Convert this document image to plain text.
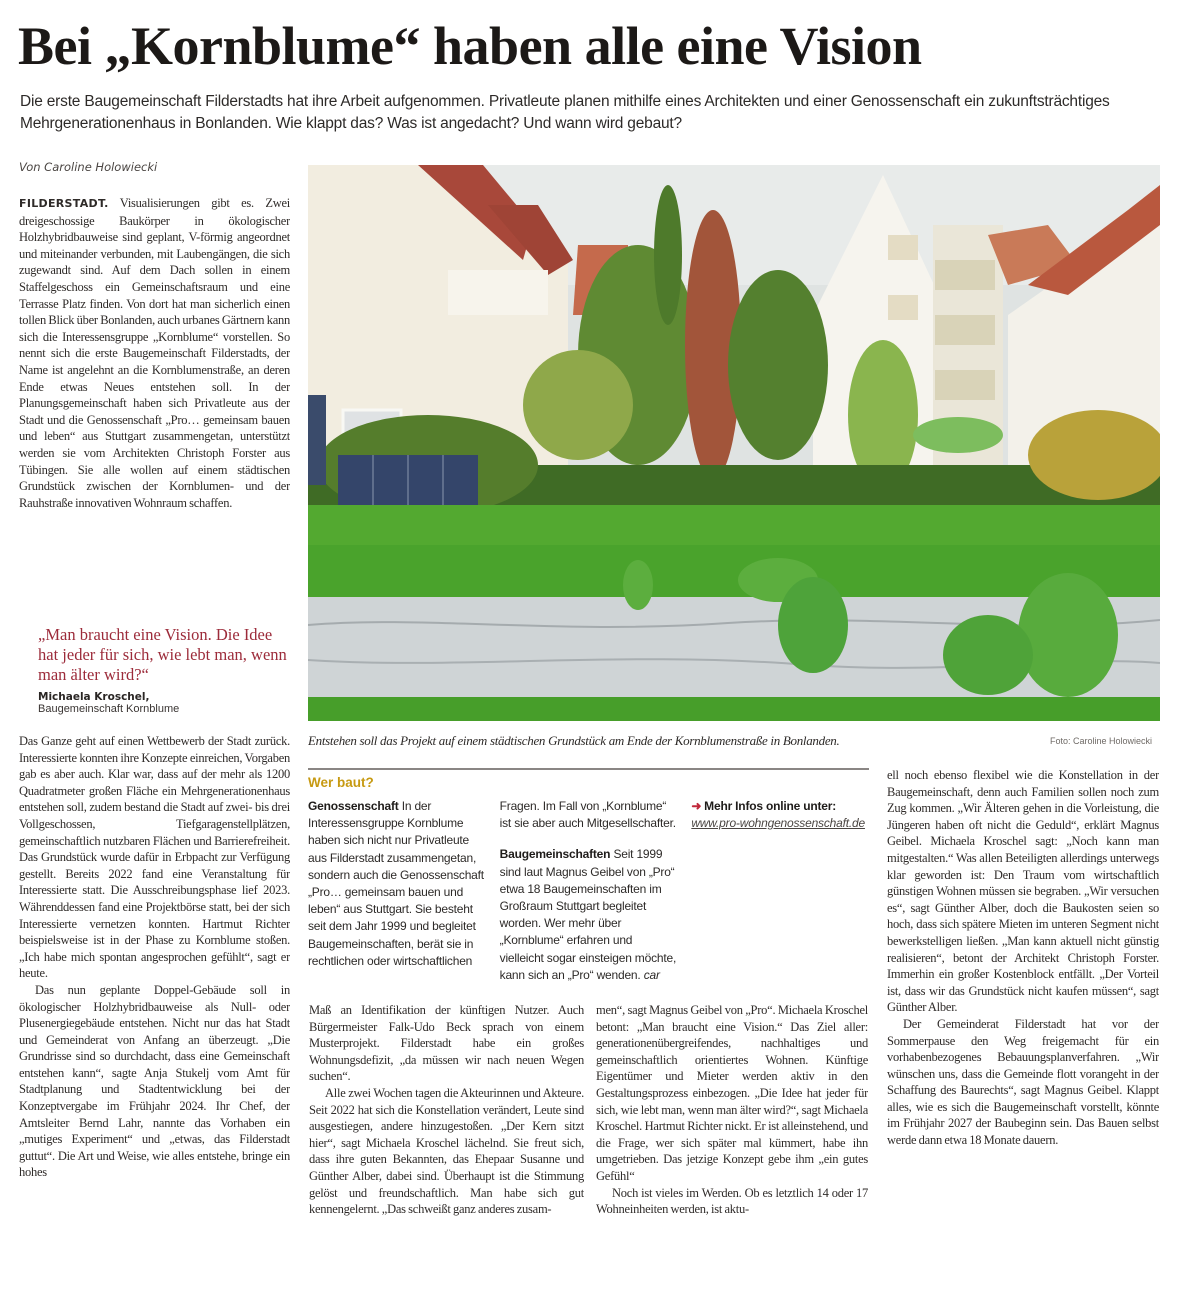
Bei „Kornblume“ haben alle eine Vision

Die erste Baugemeinschaft Filderstadts hat ihre Arbeit aufgenommen. Privatleute planen mithilfe eines Architekten und einer Genossenschaft ein zukunftsträchtiges Mehrgenerationenhaus in Bonlanden. Wie klappt das? Was ist angedacht? Und wann wird gebaut?

Von Caroline Holowiecki

FILDERSTADT. Visualisierungen gibt es. Zwei dreigeschossige Baukörper in ökologischer Holzhybridbauweise sind geplant, V-förmig angeordnet und miteinander verbunden, mit Laubengängen, die sich zugewandt sind. Auf dem Dach sollen in einem Staffelgeschoss ein Gemeinschaftsraum und eine Terrasse Platz finden. Von dort hat man sicherlich einen tollen Blick über Bonlanden, auch urbanes Gärtnern kann sich die Interessensgruppe „Kornblume“ vorstellen. So nennt sich die erste Baugemeinschaft Filderstadts, der Name ist angelehnt an die Kornblumenstraße, an deren Ende etwas Neues entstehen soll. In der Planungsgemeinschaft haben sich Privatleute aus der Stadt und die Genossenschaft „Pro… gemeinsam bauen und leben“ aus Stuttgart zusammengetan, unterstützt werden sie vom Architekten Christoph Forster aus Tübingen. Sie alle wollen auf einem städtischen Grundstück zwischen der Kornblumen- und der Rauhstraße innovativen Wohnraum schaffen.

„Man braucht eine Vision. Die Idee hat jeder für sich, wie lebt man, wenn man älter wird?“
Michaela Kroschel,
Baugemeinschaft Kornblume

Das Ganze geht auf einen Wettbewerb der Stadt zurück. Interessierte konnten ihre Konzepte einreichen, Vorgaben gab es aber auch. Klar war, dass auf der mehr als 1200 Quadratmeter großen Fläche ein Mehrgenerationenhaus entstehen soll, zudem bestand die Stadt auf zwei- bis drei Vollgeschossen, Tiefgaragenstellplätzen, gemeinschaftlich nutzbaren Flächen und Barrierefreiheit. Das Grundstück wurde dafür in Erbpacht zur Verfügung gestellt. Bereits 2022 fand eine Veranstaltung für Interessierte statt. Die Ausschreibungsphase lief 2023. Währenddessen fand eine Projektbörse statt, bei der sich Interessierte vernetzen konnten. Hartmut Richter beispielsweise ist in der Phase zu Kornblume stoßen. „Ich habe mich spontan angesprochen gefühlt“, sagt er heute.

Das nun geplante Doppel-Gebäude soll in ökologischer Holzhybridbauweise als Null- oder Plusenergiegebäude entstehen. Nicht nur das hat Stadt und Gemeinderat von Anfang an überzeugt. „Die Grundrisse sind so durchdacht, dass eine Gemeinschaft entstehen kann“, sagte Anja Stukelj vom Amt für Stadtplanung und Stadtentwicklung bei der Konzeptvergabe im Frühjahr 2024. Ihr Chef, der Amtsleiter Bernd Lahr, nannte das Vorhaben ein „mutiges Experiment“ und „etwas, das Filderstadt guttut“. Die Art und Weise, wie alles entstehe, bringe ein hohes

Entstehen soll das Projekt auf einem städtischen Grundstück am Ende der Kornblumenstraße in Bonlanden.	Foto: Caroline Holowiecki
Wer baut?

Genossenschaft In der Interessensgruppe Kornblume haben sich nicht nur Privatleute aus Filderstadt zusammengetan, sondern auch die Genossenschaft „Pro… gemeinsam bauen und leben“ aus Stuttgart. Sie besteht seit dem Jahr 1999 und begleitet Baugemeinschaften, berät sie in rechtlichen oder wirtschaftlichen Fragen. Im Fall von „Kornblume“ ist sie aber auch Mitgesellschafter.

Baugemeinschaften Seit 1999 sind laut Magnus Geibel von „Pro“ etwa 18 Baugemeinschaften im Großraum Stuttgart begleitet worden. Wer mehr über „Kornblume“ erfahren und vielleicht sogar einsteigen möchte, kann sich an „Pro“ wenden. car

➜ Mehr Infos online unter:
www.pro-wohngenossenschaft.de

Maß an Identifikation der künftigen Nutzer. Auch Bürgermeister Falk-Udo Beck sprach von einem Musterprojekt. Filderstadt habe ein großes Wohnungsdefizit, „da müssen wir nach neuen Wegen suchen“.

Alle zwei Wochen tagen die Akteurinnen und Akteure. Seit 2022 hat sich die Konstellation verändert, Leute sind ausgestiegen, andere hinzugestoßen. „Der Kern sitzt hier“, sagt Michaela Kroschel lächelnd. Sie freut sich, dass ihre guten Bekannten, das Ehepaar Susanne und Günther Alber, dabei sind. Überhaupt ist die Stimmung gelöst und freundschaftlich. Man habe sich gut kennengelernt. „Das schweißt ganz anderes zusam-

men“, sagt Magnus Geibel von „Pro“. Michaela Kroschel betont: „Man braucht eine Vision.“ Das Ziel aller: generationenübergreifendes, nachhaltiges und gemeinschaftlich orientiertes Wohnen. Künftige Eigentümer und Mieter werden aktiv in den Gestaltungsprozess einbezogen. „Die Idee hat jeder für sich, wie lebt man, wenn man älter wird?“, sagt Michaela Kroschel. Hartmut Richter nickt. Er ist alleinstehend, und die Frage, wer sich später mal kümmert, habe ihn umgetrieben. Das jetzige Konzept gebe ihm „ein gutes Gefühl“

Noch ist vieles im Werden. Ob es letztlich 14 oder 17 Wohneinheiten werden, ist aktu-

ell noch ebenso flexibel wie die Konstellation in der Baugemeinschaft, denn auch Familien sollen noch zum Zug kommen. „Wir Älteren gehen in die Vorleistung, die Jüngeren haben oft nicht die Geduld“, erklärt Magnus Geibel. Michaela Kroschel sagt: „Noch kann man mitgestalten.“ Was allen Beteiligten allerdings unterwegs klar geworden ist: Den Traum vom wirtschaftlich günstigen Wohnen müssen sie begraben. „Wir versuchen es“, sagt Günther Alber, doch die Baukosten seien so hoch, dass sich spätere Mieten im unteren Segment nicht bewerkstelligen ließen. „Man kann aktuell nicht günstig realisieren“, betont der Architekt Christoph Forster. Immerhin ein großer Kostenblock entfällt. „Der Vorteil ist, dass wir das Grundstück nicht kaufen müssen“, sagt Günther Alber.

Der Gemeinderat Filderstadt hat vor der Sommerpause den Weg freigemacht für ein vorhabenbezogenes Bebauungsplanverfahren. „Wir wünschen uns, dass die Gemeinde flott vorangeht in der Schaffung des Baurechts“, sagt Magnus Geibel. Klappt alles, wie es sich die Baugemeinschaft vorstellt, könnte im Frühjahr 2027 der Baubeginn sein. Das Bauen selbst werde dann etwa 18 Monate dauern.
